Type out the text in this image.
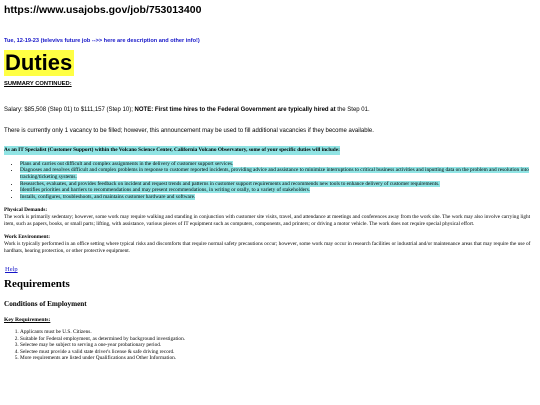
https://www.usajobs.gov/job/753013400
Tue, 12-19-23 (televivs future job -->> here are description and other info!)
Duties
SUMMARY CONTINUED:
Salary: $85,508 (Step 01) to $111,157 (Step 10); NOTE: First time hires to the Federal Government are typically hired at the Step 01.
There is currently only 1 vacancy to be filled; however, this announcement may be used to fill additional vacancies if they become available.
As an IT Specialist (Customer Support) within the Volcano Science Center, California Volcano Observatory, some of your specific duties will include:
• Plans and carries out difficult and complex assignments in the delivery of customer support services.
• Diagnoses and resolves difficult and complex problems in response to customer reported incidents, providing advice and assistance to minimize interruptions to critical business activities and inputting data on the problem and resolution into tracking/ticketing systems.
• Researches, evaluates, and provides feedback on incident and request trends and patterns in customer support requirements and recommends new tools to enhance delivery of customer requirements.
• Identifies priorities and barriers to recommendations and may present recommendations, in writing or orally, to a variety of stakeholders.
• Installs, configures, troubleshoots, and maintains customer hardware and software.
Physical Demands:

The work is primarily sedentary; however, some work may require walking and standing in conjunction with customer site visits, travel, and attendance at meetings and conferences away from the work site. The work may also involve carrying light item, such as papers, books, or small parts; lifting, with assistance, various pieces of IT equipment such as computers, components, and printers; or driving a motor vehicle. The work does not require special physical effort.

Work Environment:

Work is typically performed in an office setting where typical risks and discomforts that require normal safety precautions occur; however, some work may occur in research facilities or industrial and/or maintenance areas that may require the use of hardhats, hearing protection, or other protective equipment.

Help
Requirements
Conditions of Employment
Key Requirements:
1. Applicants must be U.S. Citizens.
2. Suitable for Federal employment, as determined by background investigation.
3. Selectee may be subject to serving a one-year probationary period.
4. Selectee must provide a valid state driver's license & safe driving record.
5. More requirements are listed under Qualifications and Other Information.
